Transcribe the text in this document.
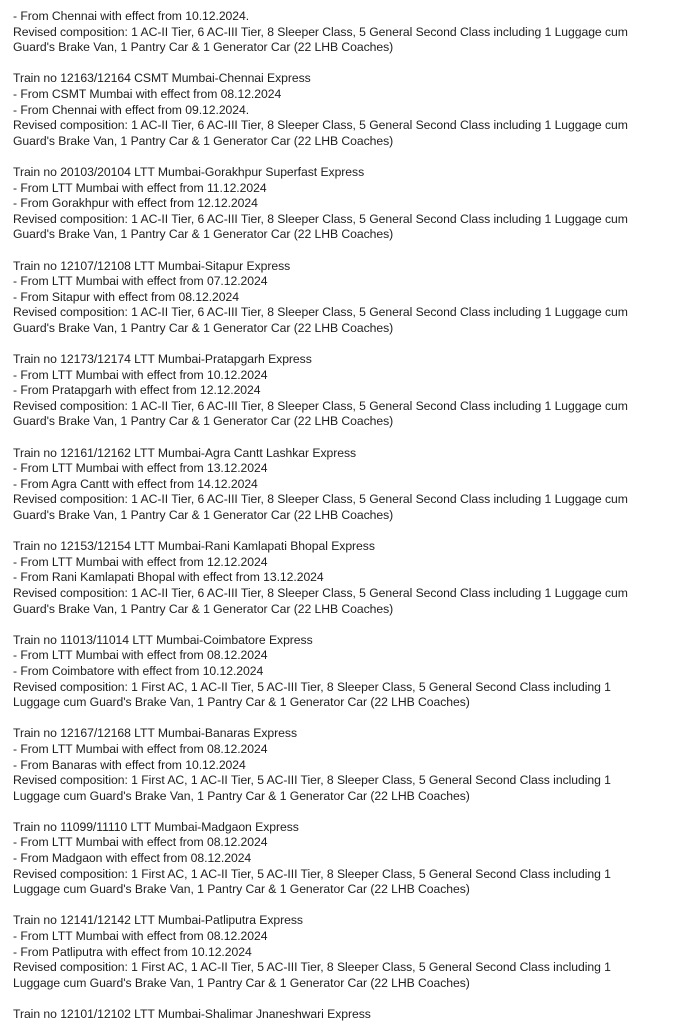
- From Chennai with effect from 10.12.2024.
Revised composition: 1 AC-II Tier, 6 AC-III Tier, 8 Sleeper Class, 5 General Second Class including 1 Luggage cum
Guard's Brake Van, 1 Pantry Car & 1 Generator Car (22 LHB Coaches)
Train no 12163/12164 CSMT Mumbai-Chennai Express
- From CSMT Mumbai with effect from 08.12.2024
- From Chennai with effect from 09.12.2024.
Revised composition: 1 AC-II Tier, 6 AC-III Tier, 8 Sleeper Class, 5 General Second Class including 1 Luggage cum
Guard's Brake Van, 1 Pantry Car & 1 Generator Car (22 LHB Coaches)
Train no 20103/20104 LTT Mumbai-Gorakhpur Superfast Express
- From LTT Mumbai with effect from 11.12.2024
- From Gorakhpur with effect from 12.12.2024
Revised composition: 1 AC-II Tier, 6 AC-III Tier, 8 Sleeper Class, 5 General Second Class including 1 Luggage cum
Guard's Brake Van, 1 Pantry Car & 1 Generator Car (22 LHB Coaches)
Train no 12107/12108 LTT Mumbai-Sitapur Express
- From LTT Mumbai with effect from 07.12.2024
- From Sitapur with effect from 08.12.2024
Revised composition: 1 AC-II Tier, 6 AC-III Tier, 8 Sleeper Class, 5 General Second Class including 1 Luggage cum
Guard's Brake Van, 1 Pantry Car & 1 Generator Car (22 LHB Coaches)
Train no 12173/12174 LTT Mumbai-Pratapgarh Express
- From LTT Mumbai with effect from 10.12.2024
- From Pratapgarh with effect from 12.12.2024
Revised composition: 1 AC-II Tier, 6 AC-III Tier, 8 Sleeper Class, 5 General Second Class including 1 Luggage cum
Guard's Brake Van, 1 Pantry Car & 1 Generator Car (22 LHB Coaches)
Train no 12161/12162 LTT Mumbai-Agra Cantt Lashkar Express
- From LTT Mumbai with effect from 13.12.2024
- From Agra Cantt with effect from 14.12.2024
Revised composition: 1 AC-II Tier, 6 AC-III Tier, 8 Sleeper Class, 5 General Second Class including 1 Luggage cum
Guard's Brake Van, 1 Pantry Car & 1 Generator Car (22 LHB Coaches)
Train no 12153/12154 LTT Mumbai-Rani Kamlapati Bhopal Express
- From LTT Mumbai with effect from 12.12.2024
- From Rani Kamlapati Bhopal with effect from 13.12.2024
Revised composition: 1 AC-II Tier, 6 AC-III Tier, 8 Sleeper Class, 5 General Second Class including 1 Luggage cum
Guard's Brake Van, 1 Pantry Car & 1 Generator Car (22 LHB Coaches)
Train no 11013/11014 LTT Mumbai-Coimbatore Express
- From LTT Mumbai with effect from 08.12.2024
- From Coimbatore with effect from 10.12.2024
Revised composition: 1 First AC, 1 AC-II Tier, 5 AC-III Tier, 8 Sleeper Class, 5 General Second Class including 1
Luggage cum Guard's Brake Van, 1 Pantry Car & 1 Generator Car (22 LHB Coaches)
Train no 12167/12168 LTT Mumbai-Banaras Express
- From LTT Mumbai with effect from 08.12.2024
- From Banaras with effect from 10.12.2024
Revised composition: 1 First AC, 1 AC-II Tier, 5 AC-III Tier, 8 Sleeper Class, 5 General Second Class including 1
Luggage cum Guard's Brake Van, 1 Pantry Car & 1 Generator Car (22 LHB Coaches)
Train no 11099/11110 LTT Mumbai-Madgaon Express
- From LTT Mumbai with effect from 08.12.2024
- From Madgaon with effect from 08.12.2024
Revised composition: 1 First AC, 1 AC-II Tier, 5 AC-III Tier, 8 Sleeper Class, 5 General Second Class including 1
Luggage cum Guard's Brake Van, 1 Pantry Car & 1 Generator Car (22 LHB Coaches)
Train no 12141/12142 LTT Mumbai-Patliputra Express
- From LTT Mumbai with effect from 08.12.2024
- From Patliputra with effect from 10.12.2024
Revised composition: 1 First AC, 1 AC-II Tier, 5 AC-III Tier, 8 Sleeper Class, 5 General Second Class including 1
Luggage cum Guard's Brake Van, 1 Pantry Car & 1 Generator Car (22 LHB Coaches)
Train no 12101/12102 LTT Mumbai-Shalimar Jnaneshwari Express
